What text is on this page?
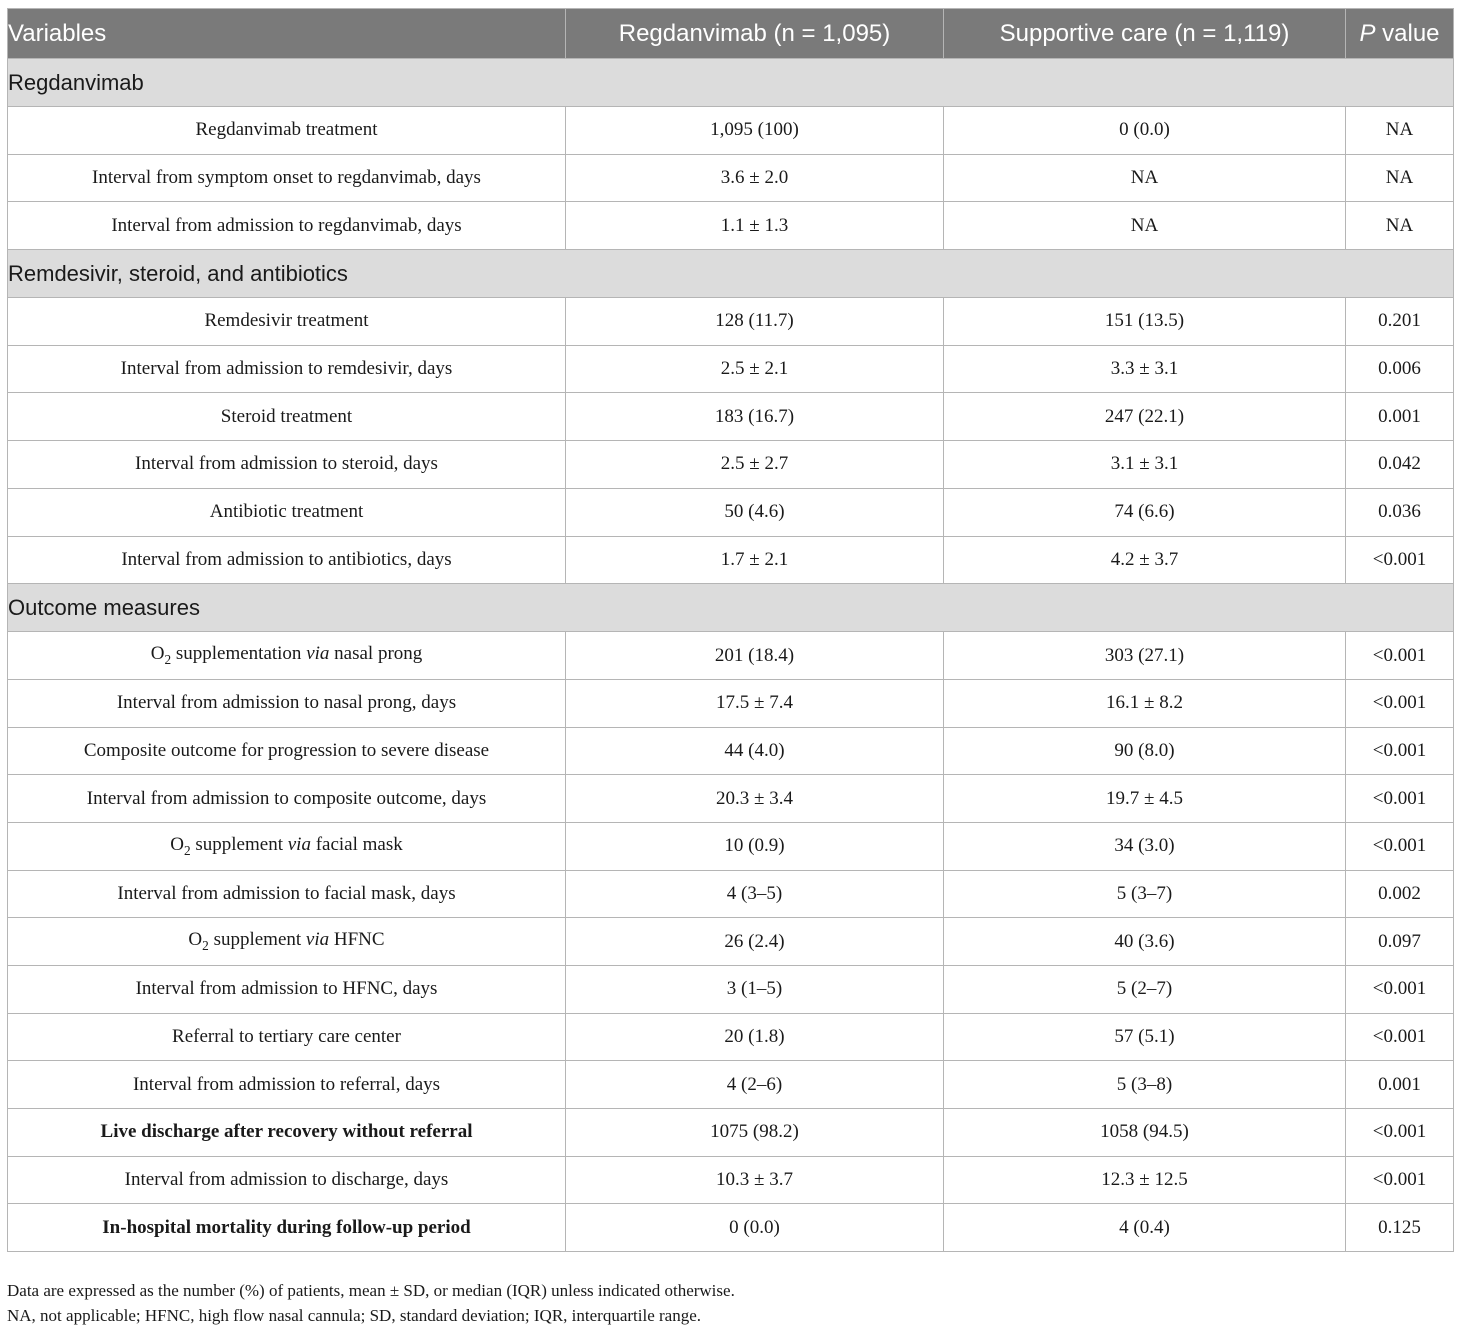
Variables	Regdanvimab (n = 1,095)	Supportive care (n = 1,119)	P value
Regdanvimab			
Regdanvimab treatment	1,095 (100)	0 (0.0)	NA
Interval from symptom onset to regdanvimab, days	3.6 ± 2.0	NA	NA
Interval from admission to regdanvimab, days	1.1 ± 1.3	NA	NA
Remdesivir, steroid, and antibiotics			
Remdesivir treatment	128 (11.7)	151 (13.5)	0.201
Interval from admission to remdesivir, days	2.5 ± 2.1	3.3 ± 3.1	0.006
Steroid treatment	183 (16.7)	247 (22.1)	0.001
Interval from admission to steroid, days	2.5 ± 2.7	3.1 ± 3.1	0.042
Antibiotic treatment	50 (4.6)	74 (6.6)	0.036
Interval from admission to antibiotics, days	1.7 ± 2.1	4.2 ± 3.7	<0.001
Outcome measures			
$O_2$ supplementation via nasal prong	201 (18.4)	303 (27.1)	<0.001
Interval from admission to nasal prong, days	17.5 ± 7.4	16.1 ± 8.2	<0.001
Composite outcome for progression to severe disease	44 (4.0)	90 (8.0)	<0.001
Interval from admission to composite outcome, days	20.3 ± 3.4	19.7 ± 4.5	<0.001
$O_2$ supplement via facial mask	10 (0.9)	34 (3.0)	<0.001
Interval from admission to facial mask, days	4 (3–5)	5 (3–7)	0.002
$O_2$ supplement via HFNC	26 (2.4)	40 (3.6)	0.097
Interval from admission to HFNC, days	3 (1–5)	5 (2–7)	<0.001
Referral to tertiary care center	20 (1.8)	57 (5.1)	<0.001
Interval from admission to referral, days	4 (2–6)	5 (3–8)	0.001
Live discharge after recovery without referral	1075 (98.2)	1058 (94.5)	<0.001
Interval from admission to discharge, days	10.3 ± 3.7	12.3 ± 12.5	<0.001
In-hospital mortality during follow-up period	0 (0.0)	4 (0.4)	0.125
Data are expressed as the number (%) of patients, mean ± SD, or median (IQR) unless indicated otherwise.
NA, not applicable; HFNC, high flow nasal cannula; SD, standard deviation; IQR, interquartile range.
